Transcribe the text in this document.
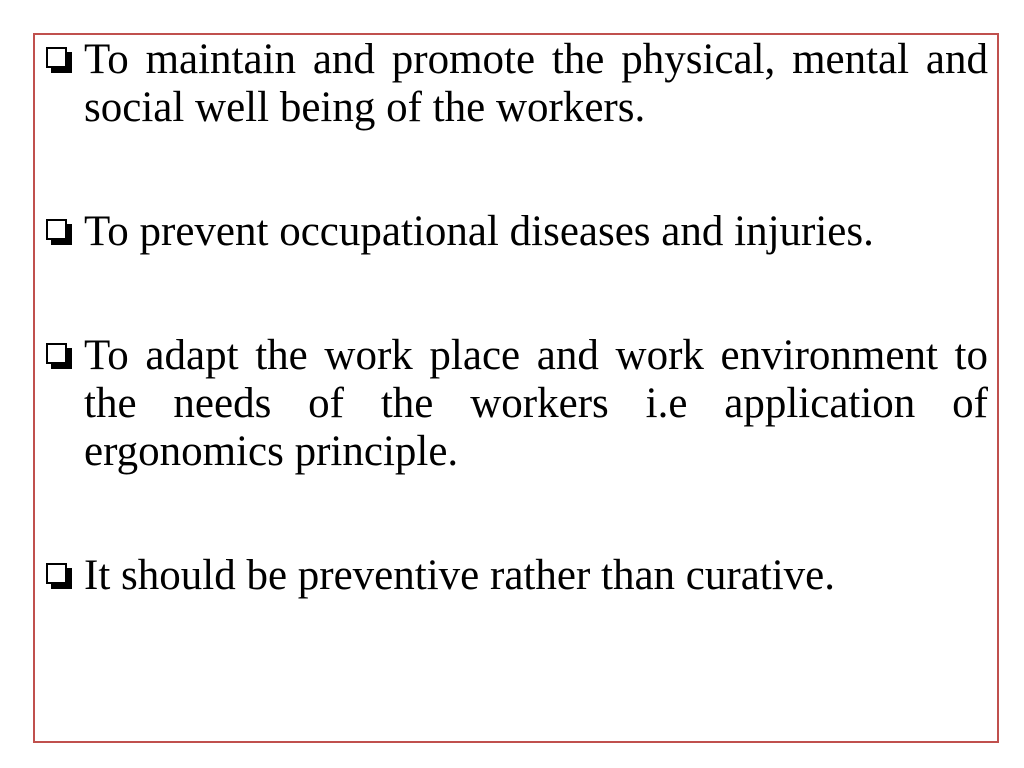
To maintain and promote the physical, mental and social well being of the workers.
To prevent occupational diseases and injuries.
To adapt the work place and work environment to the needs of the workers i.e application of ergonomics principle.
It should be preventive rather than curative.
